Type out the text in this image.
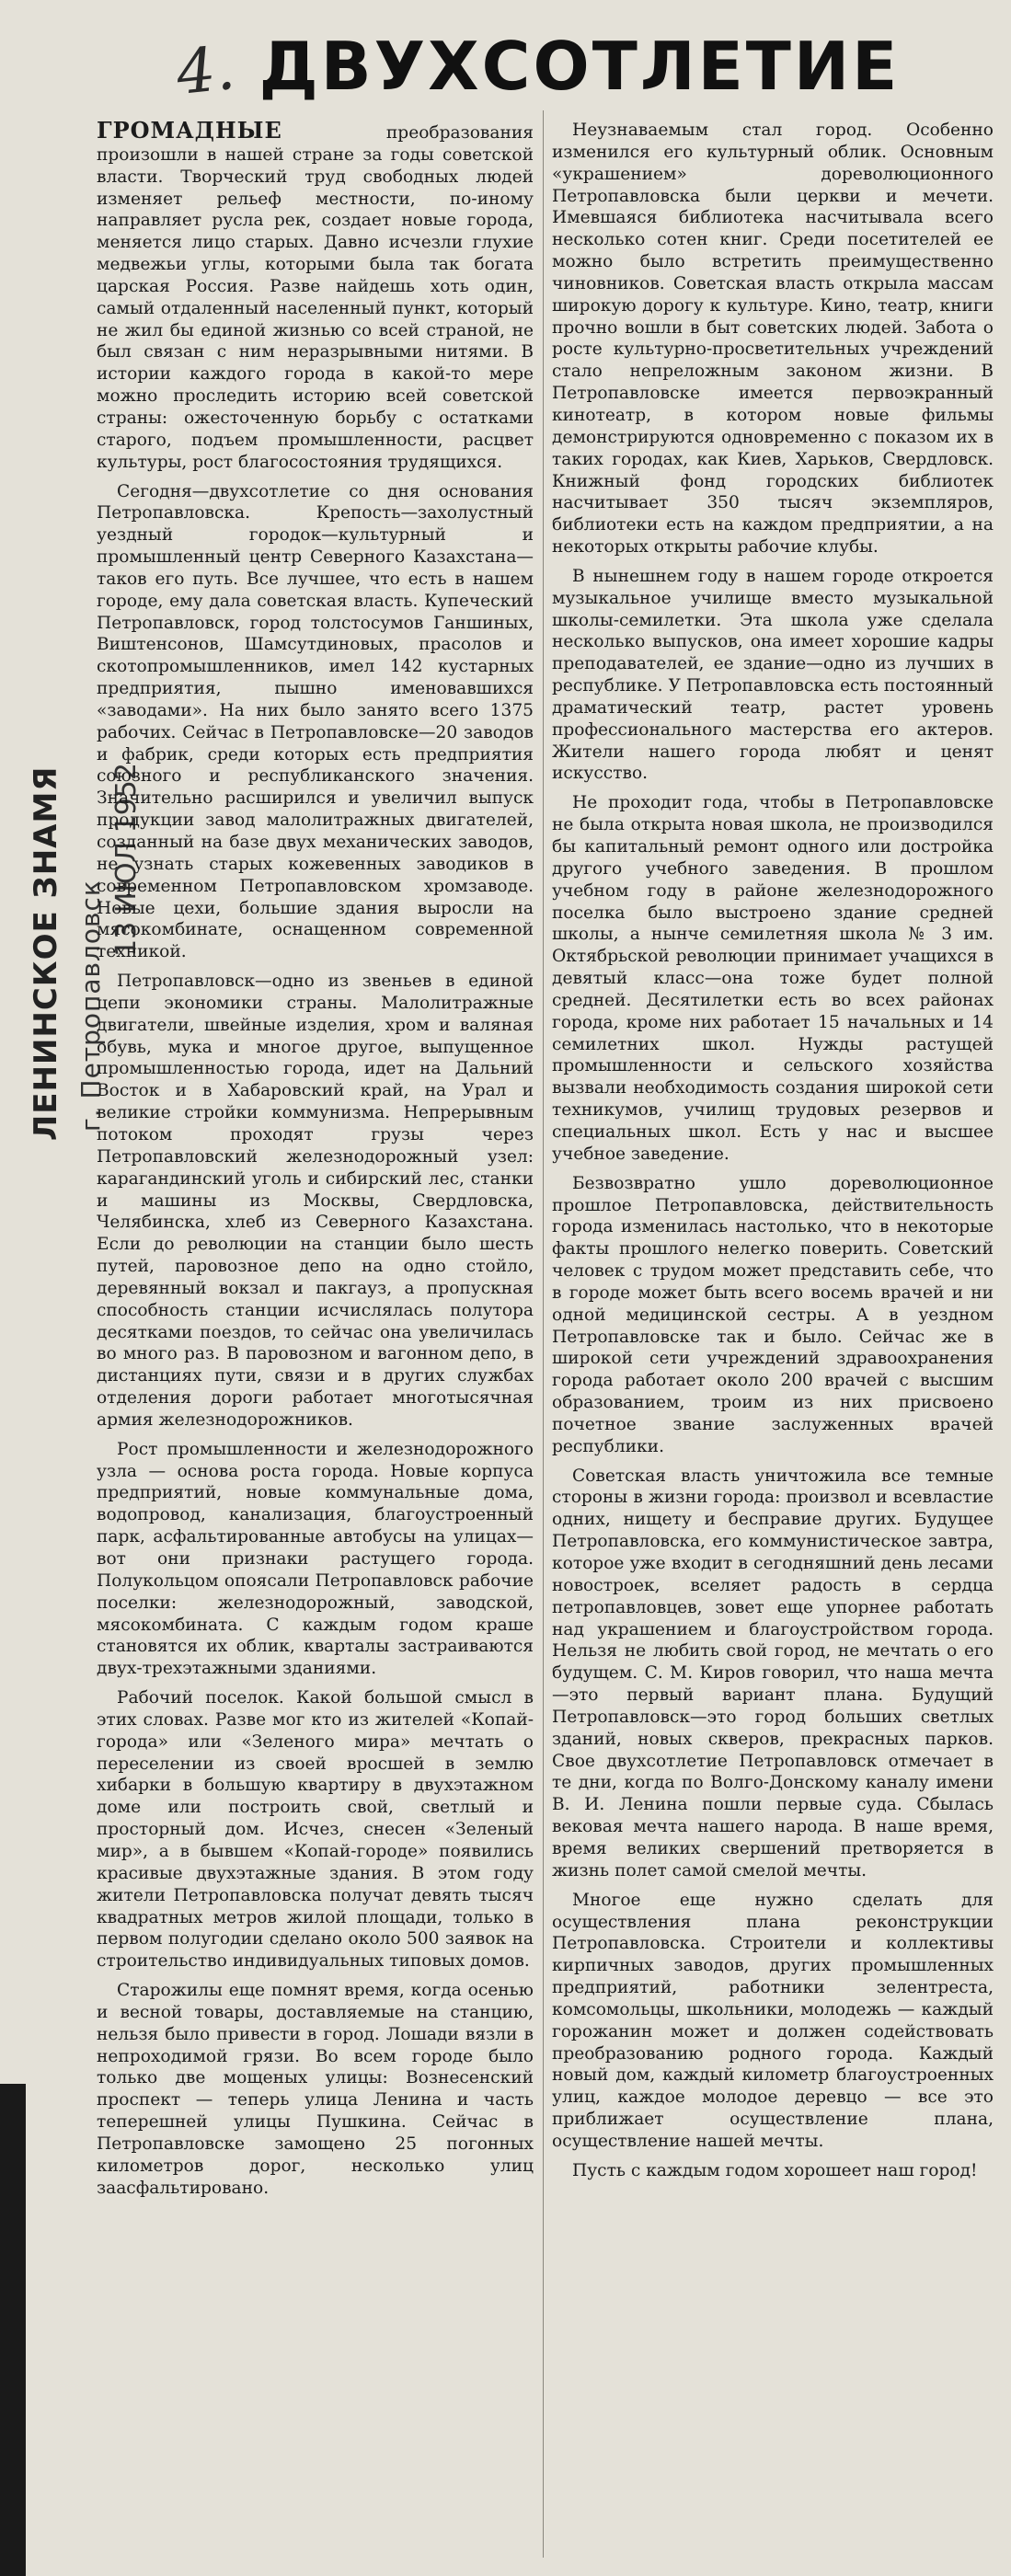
4. ДВУХСОТЛЕТИЕ
ЛЕНИНСКОЕ ЗНАМЯ г. Петропавловск
13 ИЮЛ 1952

ГРОМАДНЫЕ преобразования произошли в нашей стране за годы советской власти. Творческий труд свободных людей изменяет рельеф местности, по-иному направляет русла рек, создает новые города, меняется лицо старых. Давно исчезли глухие медвежьи углы, которыми была так богата царская Россия. Разве найдешь хоть один, самый отдаленный населенный пункт, который не жил бы единой жизнью со всей страной, не был связан с ним неразрывными нитями. В истории каждого города в какой-то мере можно проследить историю всей советской страны: ожесточенную борьбу с остатками старого, подъем промышленности, расцвет культуры, рост благосостояния трудящихся.

Сегодня—двухсотлетие со дня основания Петропавловска. Крепость—захолустный уездный городок—культурный и промышленный центр Северного Казахстана—таков его путь. Все лучшее, что есть в нашем городе, ему дала советская власть. Купеческий Петропавловск, город толстосумов Ганшиных, Виштенсонов, Шамсутдиновых, прасолов и скотопромышленников, имел 142 кустарных предприятия, пышно именовавшихся «заводами». На них было занято всего 1375 рабочих. Сейчас в Петропавловске—20 заводов и фабрик, среди которых есть предприятия союзного и республиканского значения. Значительно расширился и увеличил выпуск продукции завод малолитражных двигателей, созданный на базе двух механических заводов, не узнать старых кожевенных заводиков в современном Петропавловском хромзаводе. Новые цехи, большие здания выросли на мясокомбинате, оснащенном современной техникой.

Петропавловск—одно из звеньев в единой цепи экономики страны. Малолитражные двигатели, швейные изделия, хром и валяная обувь, мука и многое другое, выпущенное промышленностью города, идет на Дальний Восток и в Хабаровский край, на Урал и великие стройки коммунизма. Непрерывным потоком проходят грузы через Петропавловский железнодорожный узел: карагандинский уголь и сибирский лес, станки и машины из Москвы, Свердловска, Челябинска, хлеб из Северного Казахстана. Если до революции на станции было шесть путей, паровозное депо на одно стойло, деревянный вокзал и пакгауз, а пропускная способность станции исчислялась полутора десятками поездов, то сейчас она увеличилась во много раз. В паровозном и вагонном депо, в дистанциях пути, связи и в других службах отделения дороги работает многотысячная армия железнодорожников.

Рост промышленности и железнодорожного узла — основа роста города. Новые корпуса предприятий, новые коммунальные дома, водопровод, канализация, благоустроенный парк, асфальтированные автобусы на улицах—вот они признаки растущего города. Полукольцом опоясали Петропавловск рабочие поселки: железнодорожный, заводской, мясокомбината. С каждым годом краше становятся их облик, кварталы застраиваются двух-трехэтажными зданиями.

Рабочий поселок. Какой большой смысл в этих словах. Разве мог кто из жителей «Копай-города» или «Зеленого мира» мечтать о переселении из своей вросшей в землю хибарки в большую квартиру в двухэтажном доме или построить свой, светлый и просторный дом. Исчез, снесен «Зеленый мир», а в бывшем «Копай-городе» появились красивые двухэтажные здания. В этом году жители Петропавловска получат девять тысяч квадратных метров жилой площади, только в первом полугодии сделано около 500 заявок на строительство индивидуальных типовых домов.

Старожилы еще помнят время, когда осенью и весной товары, доставляемые на станцию, нельзя было привести в город. Лошади вязли в непроходимой грязи. Во всем городе было только две мощеных улицы: Вознесенский проспект — теперь улица Ленина и часть теперешней улицы Пушкина. Сейчас в Петропавловске замощено 25 погонных километров дорог, несколько улиц заасфальтировано.

Неузнаваемым стал город. Особенно изменился его культурный облик. Основным «украшением» дореволюционного Петропавловска были церкви и мечети. Имевшаяся библиотека насчитывала всего несколько сотен книг. Среди посетителей ее можно было встретить преимущественно чиновников. Советская власть открыла массам широкую дорогу к культуре. Кино, театр, книги прочно вошли в быт советских людей. Забота о росте культурно-просветительных учреждений стало непреложным законом жизни. В Петропавловске имеется первоэкранный кинотеатр, в котором новые фильмы демонстрируются одновременно с показом их в таких городах, как Киев, Харьков, Свердловск. Книжный фонд городских библиотек насчитывает 350 тысяч экземпляров, библиотеки есть на каждом предприятии, а на некоторых открыты рабочие клубы.

В нынешнем году в нашем городе откроется музыкальное училище вместо музыкальной школы-семилетки. Эта школа уже сделала несколько выпусков, она имеет хорошие кадры преподавателей, ее здание—одно из лучших в республике. У Петропавловска есть постоянный драматический театр, растет уровень профессионального мастерства его актеров. Жители нашего города любят и ценят искусство.

Не проходит года, чтобы в Петропавловске не была открыта новая школа, не производился бы капитальный ремонт одного или достройка другого учебного заведения. В прошлом учебном году в районе железнодорожного поселка было выстроено здание средней школы, а нынче семилетняя школа № 3 им. Октябрьской революции принимает учащихся в девятый класс—она тоже будет полной средней. Десятилетки есть во всех районах города, кроме них работает 15 начальных и 14 семилетних школ. Нужды растущей промышленности и сельского хозяйства вызвали необходимость создания широкой сети техникумов, училищ трудовых резервов и специальных школ. Есть у нас и высшее учебное заведение.

Безвозвратно ушло дореволюционное прошлое Петропавловска, действительность города изменилась настолько, что в некоторые факты прошлого нелегко поверить. Советский человек с трудом может представить себе, что в городе может быть всего восемь врачей и ни одной медицинской сестры. А в уездном Петропавловске так и было. Сейчас же в широкой сети учреждений здравоохранения города работает около 200 врачей с высшим образованием, троим из них присвоено почетное звание заслуженных врачей республики.

Советская власть уничтожила все темные стороны в жизни города: произвол и всевластие одних, нищету и бесправие других. Будущее Петропавловска, его коммунистическое завтра, которое уже входит в сегодняшний день лесами новостроек, вселяет радость в сердца петропавловцев, зовет еще упорнее работать над украшением и благоустройством города. Нельзя не любить свой город, не мечтать о его будущем. С. М. Киров говорил, что наша мечта—это первый вариант плана. Будущий Петропавловск—это город больших светлых зданий, новых скверов, прекрасных парков. Свое двухсотлетие Петропавловск отмечает в те дни, когда по Волго-Донскому каналу имени В. И. Ленина пошли первые суда. Сбылась вековая мечта нашего народа. В наше время, время великих свершений претворяется в жизнь полет самой смелой мечты.

Многое еще нужно сделать для осуществления плана реконструкции Петропавловска. Строители и коллективы кирпичных заводов, других промышленных предприятий, работники зелентреста, комсомольцы, школьники, молодежь — каждый горожанин может и должен содействовать преобразованию родного города. Каждый новый дом, каждый километр благоустроенных улиц, каждое молодое деревцо — все это приближает осуществление плана, осуществление нашей мечты.

Пусть с каждым годом хорошеет наш город!
